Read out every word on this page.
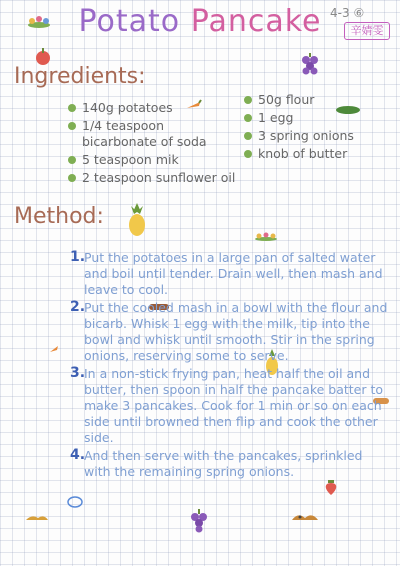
Potato Pancake 4-3 ⑥
辛婧雯
Ingredients:
140g potatoes
1/4 teaspoon bicarbonate of soda
5 teaspoon mik
2 teaspoon sunflower oil
50g flour
1 egg
3 spring onions
knob of butter
Method:
1.
Put the potatoes in a large pan of salted water and boil until tender. Drain well, then mash and leave to cool.
2.
Put the cooled mash in a bowl with the flour and bicarb. Whisk 1 egg with the milk, tip into the bowl and whisk until smooth. Stir in the spring onions, reserving some to serve.
3.
In a non-stick frying pan, heat half the oil and butter, then spoon in half the pancake batter to make 3 pancakes. Cook for 1 min or so on each side until browned then flip and cook the other side.
4.
And then serve with the pancakes, sprinkled with the remaining spring onions.
